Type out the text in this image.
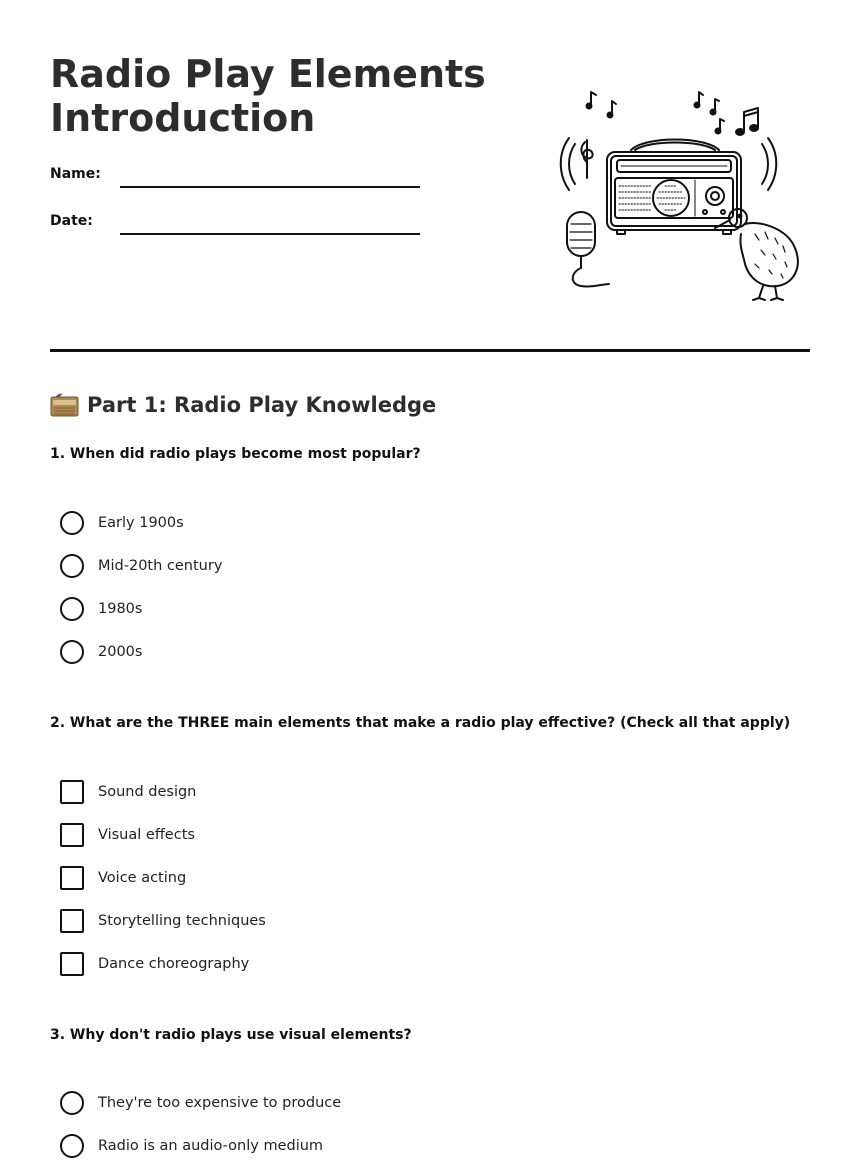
Radio Play Elements
Introduction
Name:
Date:
Part 1: Radio Play Knowledge
1. When did radio plays become most popular?
Early 1900s
Mid-20th century
1980s
2000s
2. What are the THREE main elements that make a radio play effective? (Check all that apply)
Sound design
Visual effects
Voice acting
Storytelling techniques
Dance choreography
3. Why don't radio plays use visual elements?
They're too expensive to produce
Radio is an audio-only medium
